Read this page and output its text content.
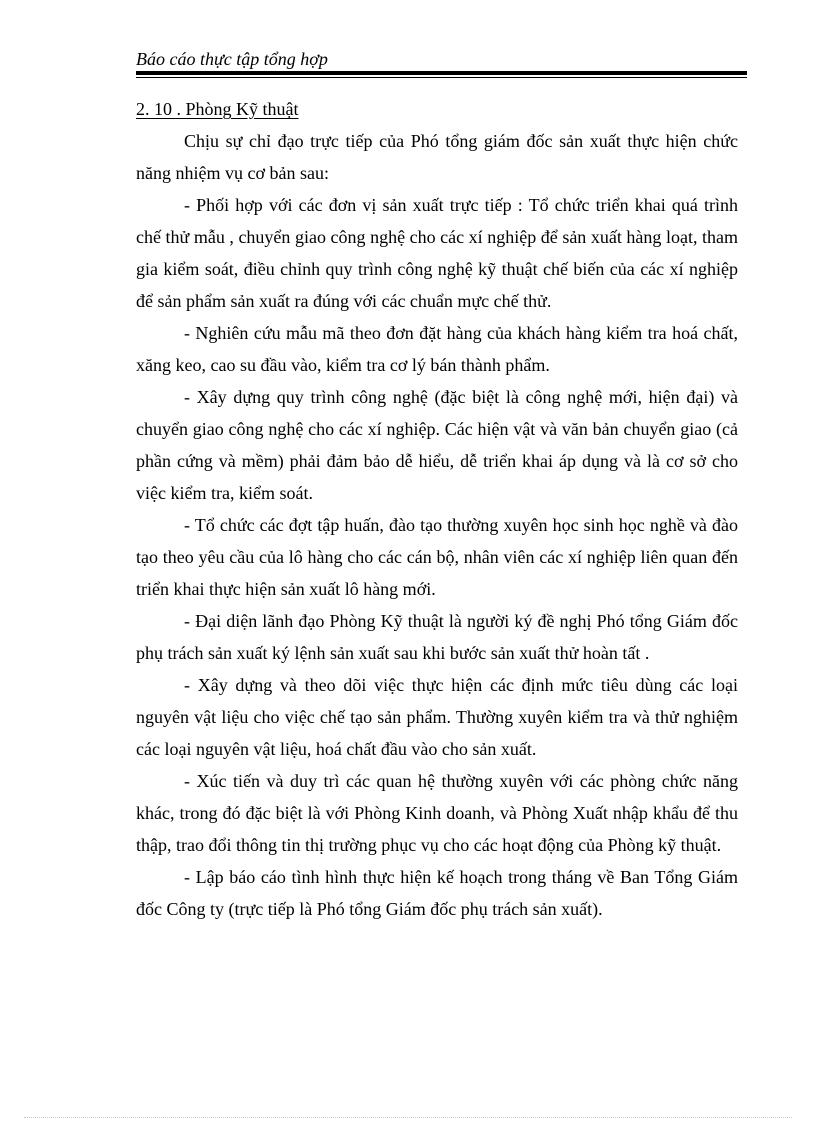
Báo cáo thực tập tổng hợp
2. 10 . Phòng Kỹ thuật

Chịu sự chỉ đạo trực tiếp của Phó tổng giám đốc sản xuất thực hiện chức năng nhiệm vụ cơ bản sau:

- Phối hợp với các đơn vị sản xuất trực tiếp : Tổ chức triển khai quá trình chế thử mẫu , chuyển giao công nghệ cho các xí nghiệp để sản xuất hàng loạt, tham gia kiểm soát, điều chỉnh quy trình công nghệ kỹ thuật chế biến của các xí nghiệp để sản phẩm sản xuất ra đúng với các chuẩn mực chế thử.

- Nghiên cứu mẫu mã theo đơn đặt hàng của khách hàng kiểm tra hoá chất, xăng keo, cao su đầu vào, kiểm tra cơ lý bán thành phẩm.

- Xây dựng quy trình công nghệ (đặc biệt là công nghệ mới, hiện đại) và chuyển giao công nghệ cho các xí nghiệp. Các hiện vật và văn bản chuyển giao (cả phần cứng và mềm) phải đảm bảo dễ hiểu, dễ triển khai áp dụng và là cơ sở cho việc kiểm tra, kiểm soát.

- Tổ chức các đợt tập huấn, đào tạo thường xuyên học sinh học nghề và đào tạo theo yêu cầu của lô hàng cho các cán bộ, nhân viên các xí nghiệp liên quan đến triển khai thực hiện sản xuất lô hàng mới.

- Đại diện lãnh đạo Phòng Kỹ thuật là người ký đề nghị Phó tổng Giám đốc phụ trách sản xuất ký lệnh sản xuất sau khi bước sản xuất thử hoàn tất .

- Xây dựng và theo dõi việc thực hiện các định mức tiêu dùng các loại nguyên vật liệu cho việc chế tạo sản phẩm. Thường xuyên kiểm tra và thử nghiệm các loại nguyên vật liệu, hoá chất đầu vào cho sản xuất.

- Xúc tiến và duy trì các quan hệ thường xuyên với các phòng chức năng khác, trong đó đặc biệt là với Phòng Kinh doanh, và Phòng Xuất nhập khẩu để thu thập, trao đổi thông tin thị trường phục vụ cho các hoạt động của Phòng kỹ thuật.

- Lập báo cáo tình hình thực hiện kế hoạch trong tháng về Ban Tổng Giám đốc Công ty (trực tiếp là Phó tổng Giám đốc phụ trách sản xuất).
